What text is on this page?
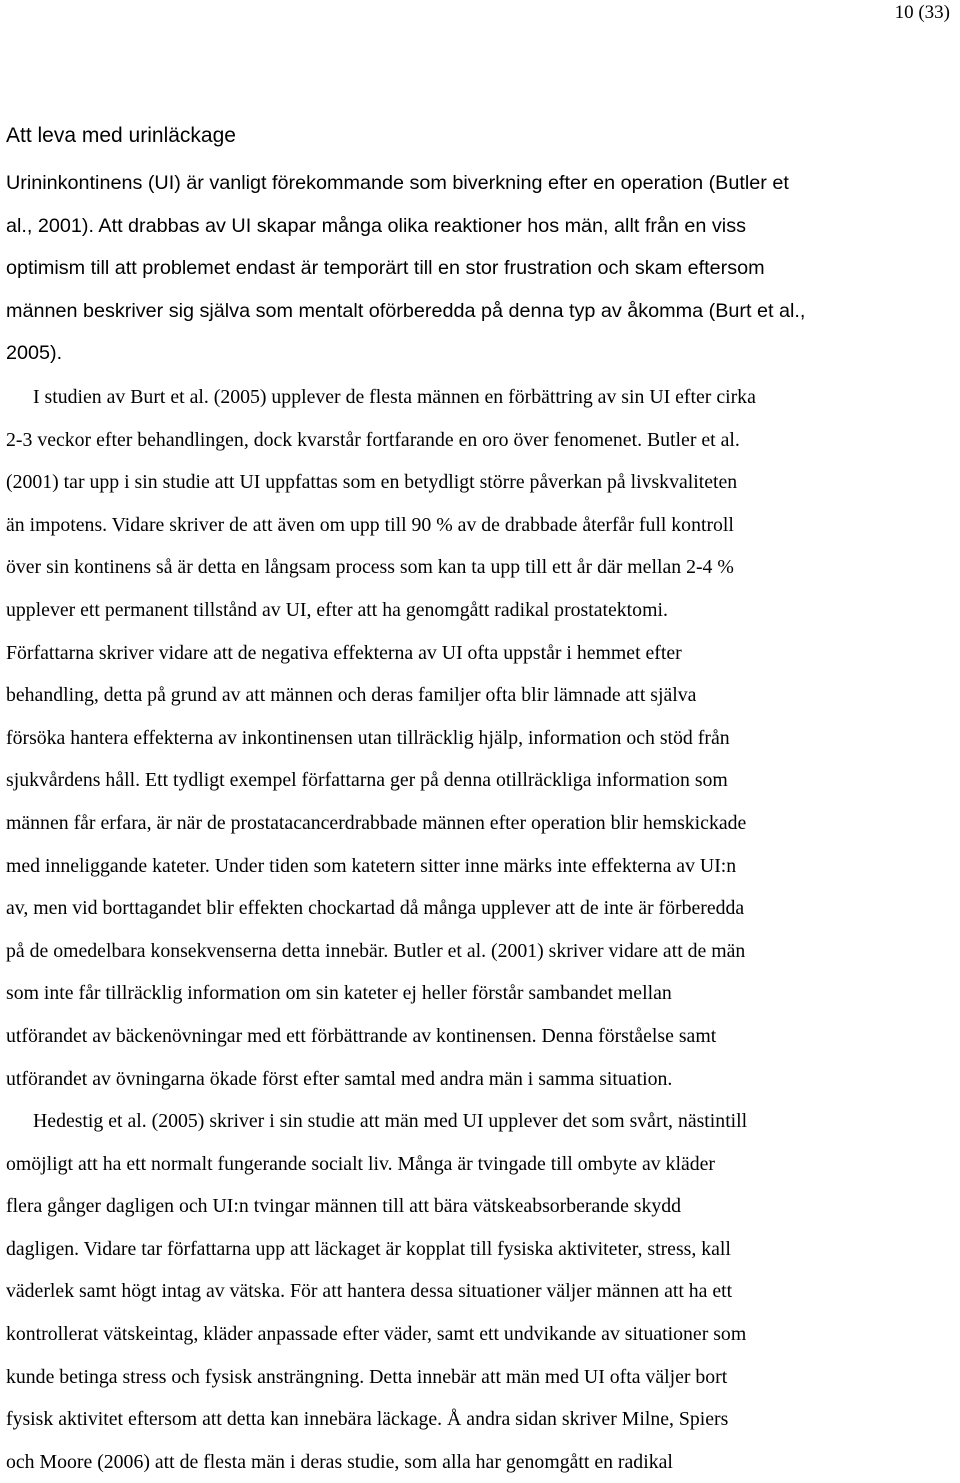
10 (33)
Att leva med urinläckage
Urininkontinens (UI) är vanligt förekommande som biverkning efter en operation (Butler et
al., 2001). Att drabbas av UI skapar många olika reaktioner hos män, allt från en viss
optimism till att problemet endast är temporärt till en stor frustration och skam eftersom
männen beskriver sig själva som mentalt oförberedda på denna typ av åkomma (Burt et al.,
2005).
I studien av Burt et al. (2005) upplever de flesta männen en förbättring av sin UI efter cirka
2-3 veckor efter behandlingen, dock kvarstår fortfarande en oro över fenomenet. Butler et al.
(2001) tar upp i sin studie att UI uppfattas som en betydligt större påverkan på livskvaliteten
än impotens. Vidare skriver de att även om upp till 90 % av de drabbade återfår full kontroll
över sin kontinens så är detta en långsam process som kan ta upp till ett år där mellan 2-4 %
upplever ett permanent tillstånd av UI, efter att ha genomgått radikal prostatektomi.
Författarna skriver vidare att de negativa effekterna av UI ofta uppstår i hemmet efter
behandling, detta på grund av att männen och deras familjer ofta blir lämnade att själva
försöka hantera effekterna av inkontinensen utan tillräcklig hjälp, information och stöd från
sjukvårdens håll. Ett tydligt exempel författarna ger på denna otillräckliga information som
männen får erfara, är när de prostatacancerdrabbade männen efter operation blir hemskickade
med inneliggande kateter. Under tiden som katetern sitter inne märks inte effekterna av UI:n
av, men vid borttagandet blir effekten chockartad då många upplever att de inte är förberedda
på de omedelbara konsekvenserna detta innebär. Butler et al. (2001) skriver vidare att de män
som inte får tillräcklig information om sin kateter ej heller förstår sambandet mellan
utförandet av bäckenövningar med ett förbättrande av kontinensen. Denna förståelse samt
utförandet av övningarna ökade först efter samtal med andra män i samma situation.
Hedestig et al. (2005) skriver i sin studie att män med UI upplever det som svårt, nästintill
omöjligt att ha ett normalt fungerande socialt liv. Många är tvingade till ombyte av kläder
flera gånger dagligen och UI:n tvingar männen till att bära vätskeabsorberande skydd
dagligen. Vidare tar författarna upp att läckaget är kopplat till fysiska aktiviteter, stress, kall
väderlek samt högt intag av vätska. För att hantera dessa situationer väljer männen att ha ett
kontrollerat vätskeintag, kläder anpassade efter väder, samt ett undvikande av situationer som
kunde betinga stress och fysisk ansträngning. Detta innebär att män med UI ofta väljer bort
fysisk aktivitet eftersom att detta kan innebära läckage. Å andra sidan skriver Milne, Spiers
och Moore (2006) att de flesta män i deras studie, som alla har genomgått en radikal
